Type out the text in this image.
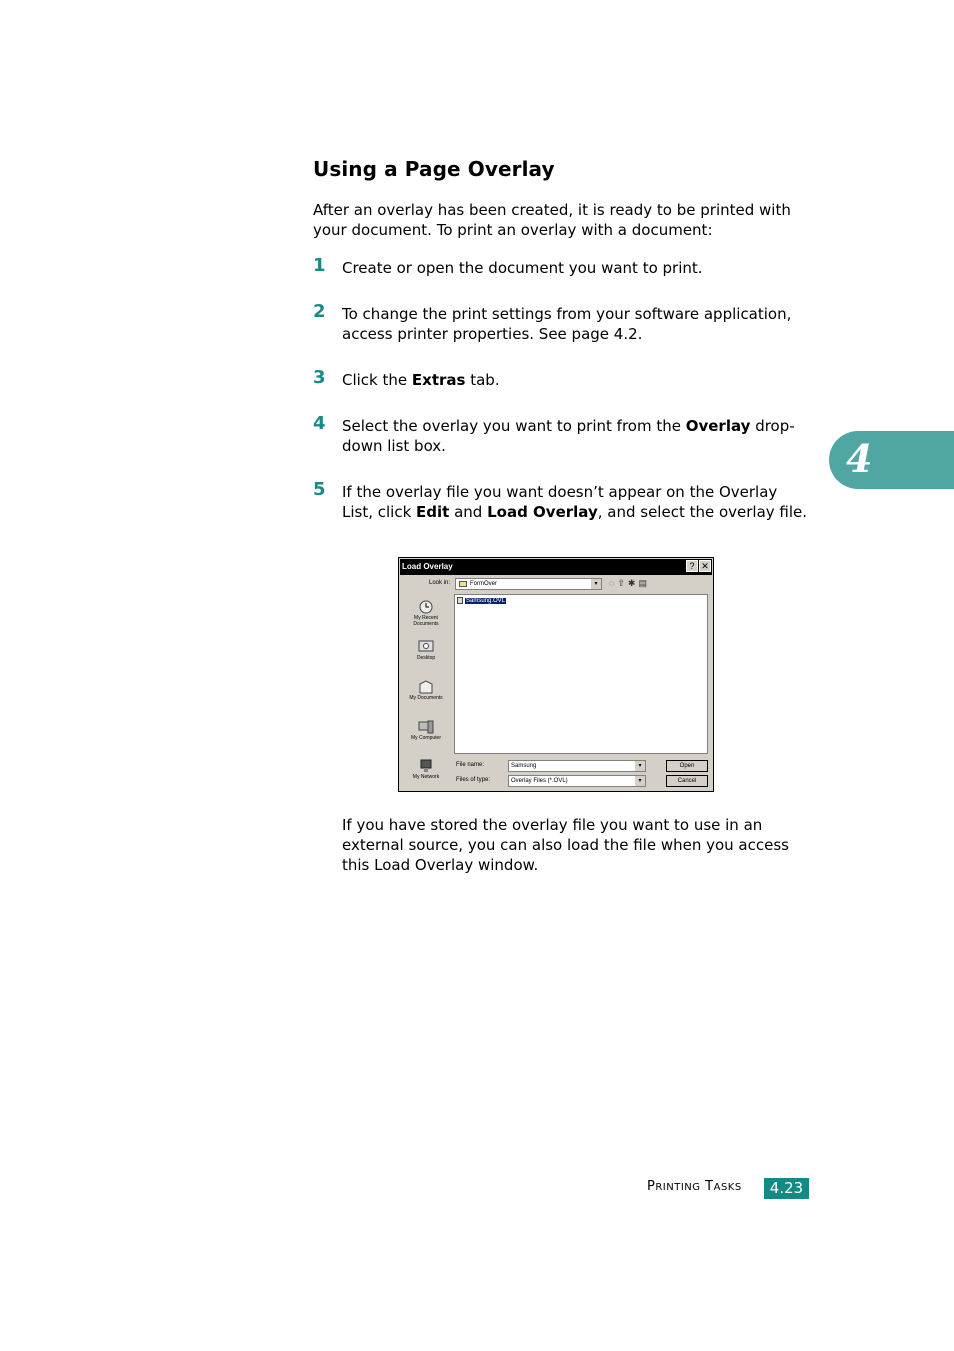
Using a Page Overlay
After an overlay has been created, it is ready to be printed with your document. To print an overlay with a document:
1 Create or open the document you want to print.
2 To change the print settings from your software application, access printer properties. See page 4.2.
3 Click the Extras tab.
4 Select the overlay you want to print from the Overlay drop-down list box.
5 If the overlay file you want doesn’t appear on the Overlay List, click Edit and Load Overlay, and select the overlay file.
Load Overlay	? ✕
Look in:	FormOver	▾	◌⇧✱▤
My Recent Documents
Desktop
My Documents
My Computer
My Network
Samsung.OVL
File name:	Samsung	▾	Open
Files of type:	Overlay Files (*.OVL)	▾	Cancel
If you have stored the overlay file you want to use in an external source, you can also load the file when you access this Load Overlay window.
4
PRINTING TASKS	4.23
